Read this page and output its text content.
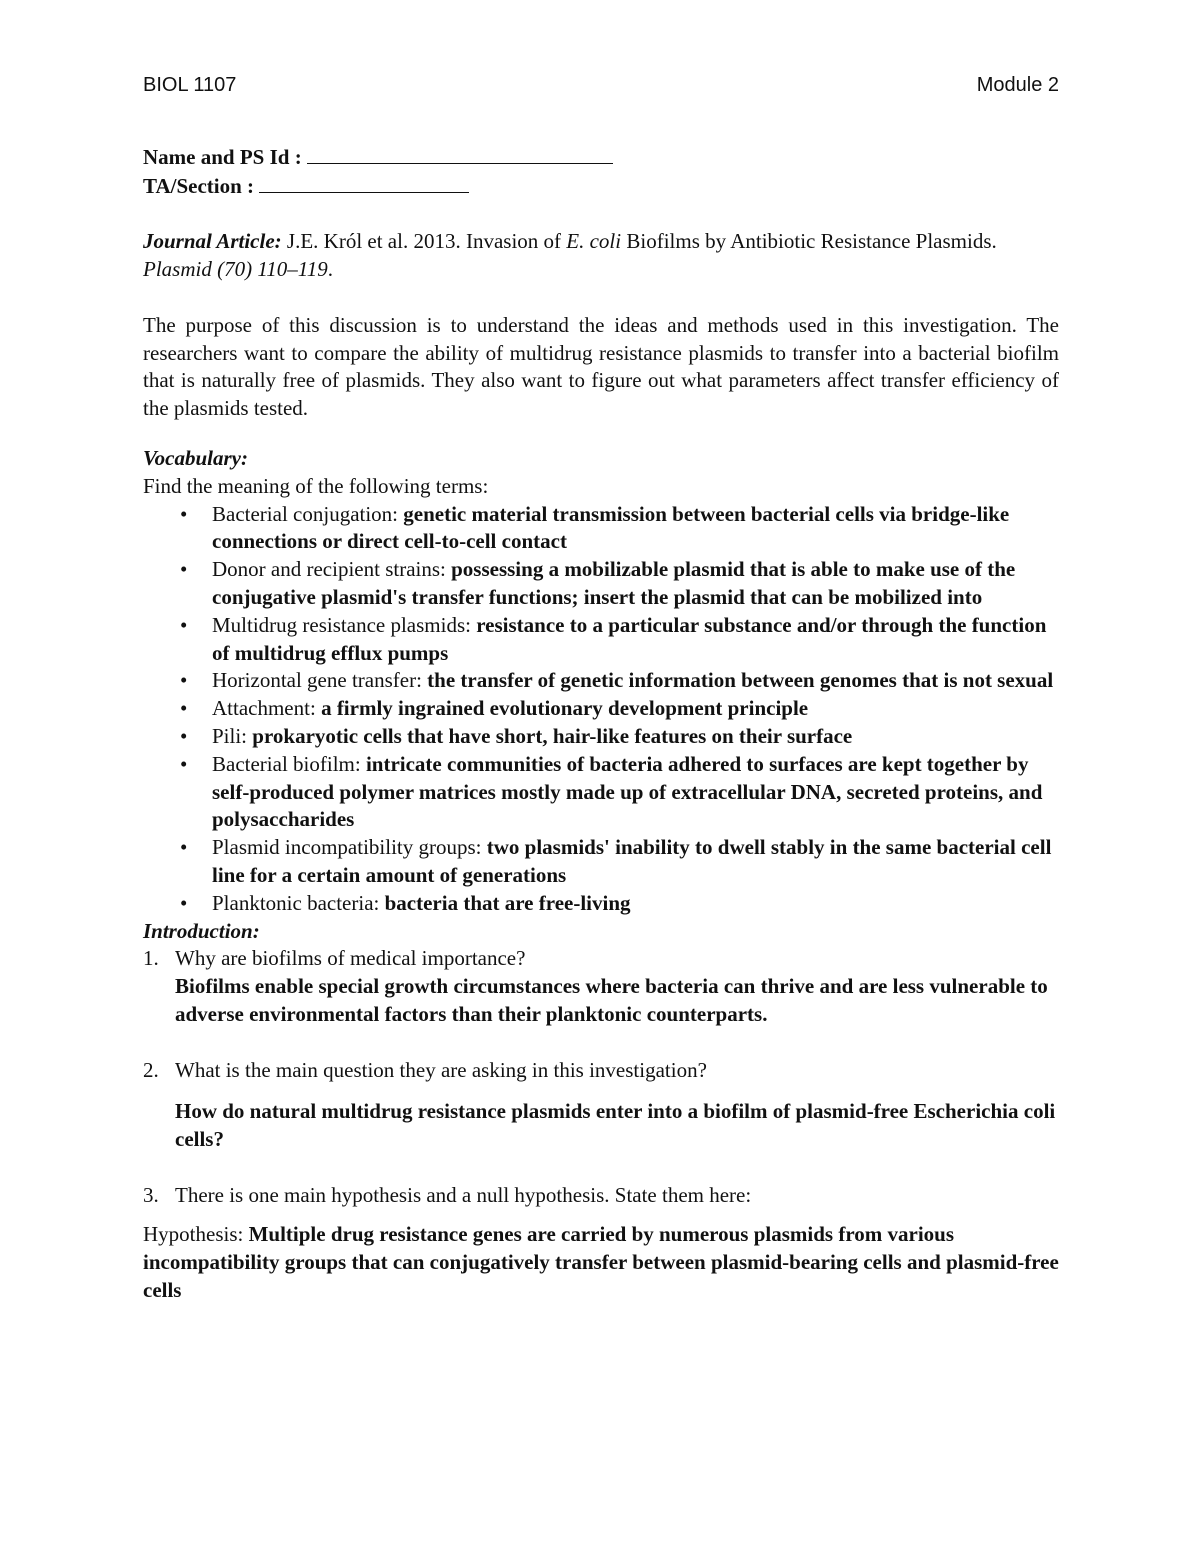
BIOL 1107	Module 2

Name and PS Id :

TA/Section :

Journal Article: J.E. Król et al. 2013. Invasion of E. coli Biofilms by Antibiotic Resistance Plasmids. Plasmid (70) 110–119.

The purpose of this discussion is to understand the ideas and methods used in this investigation. The researchers want to compare the ability of multidrug resistance plasmids to transfer into a bacterial biofilm that is naturally free of plasmids. They also want to figure out what parameters affect transfer efficiency of the plasmids tested.

Vocabulary:

Find the meaning of the following terms:

• Bacterial conjugation: genetic material transmission between bacterial cells via bridge-like connections or direct cell-to-cell contact
• Donor and recipient strains: possessing a mobilizable plasmid that is able to make use of the conjugative plasmid's transfer functions; insert the plasmid that can be mobilized into
• Multidrug resistance plasmids: resistance to a particular substance and/or through the function of multidrug efflux pumps
• Horizontal gene transfer: the transfer of genetic information between genomes that is not sexual
• Attachment: a firmly ingrained evolutionary development principle
• Pili: prokaryotic cells that have short, hair-like features on their surface
• Bacterial biofilm: intricate communities of bacteria adhered to surfaces are kept together by self-produced polymer matrices mostly made up of extracellular DNA, secreted proteins, and polysaccharides
• Plasmid incompatibility groups: two plasmids' inability to dwell stably in the same bacterial cell line for a certain amount of generations
• Planktonic bacteria: bacteria that are free-living

Introduction:

1. Why are biofilms of medical importance?

Biofilms enable special growth circumstances where bacteria can thrive and are less vulnerable to adverse environmental factors than their planktonic counterparts.

2. What is the main question they are asking in this investigation?

How do natural multidrug resistance plasmids enter into a biofilm of plasmid-free Escherichia coli cells?

3. There is one main hypothesis and a null hypothesis. State them here:

Hypothesis: Multiple drug resistance genes are carried by numerous plasmids from various incompatibility groups that can conjugatively transfer between plasmid-bearing cells and plasmid-free cells
